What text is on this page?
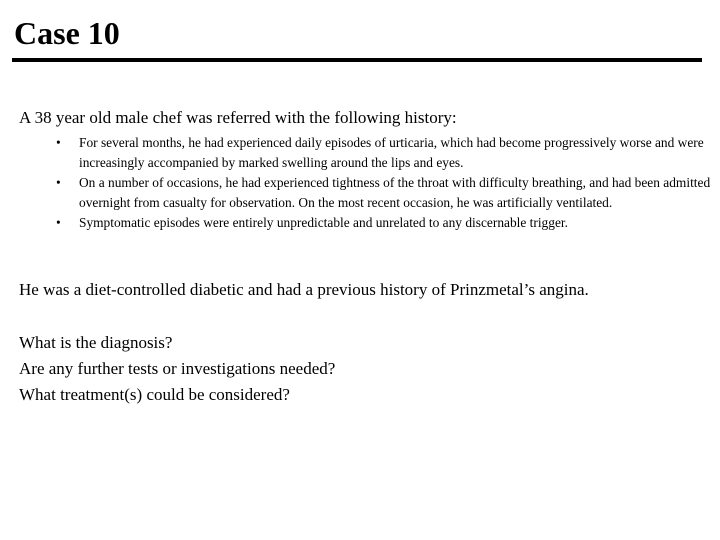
Case 10

A 38 year old male chef was referred with the following history:

•	For several months, he had experienced daily episodes of urticaria, which had become progressively worse and were increasingly accompanied by marked swelling around the lips and eyes.
•	On a number of occasions, he had experienced tightness of the throat with difficulty breathing, and had been admitted overnight from casualty for observation. On the most recent occasion, he was artificially ventilated.
•	Symptomatic episodes were entirely unpredictable and unrelated to any discernable trigger.

He was a diet-controlled diabetic and had a previous history of Prinzmetal’s angina.

What is the diagnosis?

Are any further tests or investigations needed?

What treatment(s) could be considered?
